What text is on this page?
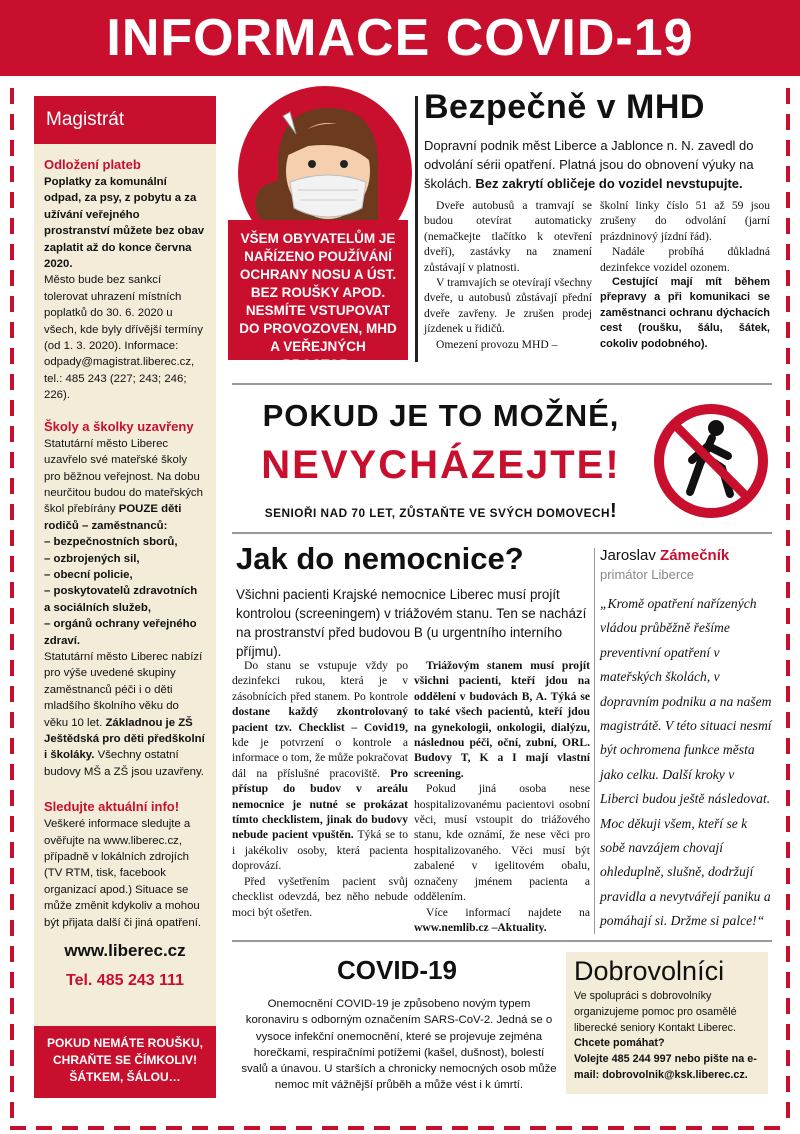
INFORMACE COVID-19
Magistrát
Odložení plateb
Poplatky za komunální odpad, za psy, z pobytu a za užívání veřejného prostranství můžete bez obav zaplatit až do konce června 2020.
Město bude bez sankcí tolerovat uhrazení místních poplatků do 30. 6. 2020 u všech, kde byly dřívější termíny (od 1. 3. 2020). Informace: odpady@magistrat.liberec.cz, tel.: 485 243 (227; 243; 246; 226).
Školy a školky uzavřeny
Statutární město Liberec uzavřelo své mateřské školy pro běžnou veřejnost. Na dobu neurčitou budou do mateřských škol přebírány POUZE děti rodičů – zaměstnanců:
– bezpečnostních sborů,
– ozbrojených sil,
– obecní policie,
– poskytovatelů zdravotních a sociálních služeb,
– orgánů ochrany veřejného zdraví.
Statutární město Liberec nabízí pro výše uvedené skupiny zaměstnanců péči i o děti mladšího školního věku do věku 10 let. Základnou je ZŠ Ještědská pro děti předškolní i školáky. Všechny ostatní budovy MŠ a ZŠ jsou uzavřeny.
Sledujte aktuální info!
Veškeré informace sledujte a ověřujte na www.liberec.cz, případně v lokálních zdrojích (TV RTM, tisk, facebook organizací apod.) Situace se může změnit kdykoliv a mohou být přijata další či jiná opatření.
www.liberec.cz
Tel. 485 243 111
POKUD NEMÁTE ROUŠKU, CHRAŇTE SE ČÍMKOLIV! ŠÁTKEM, ŠÁLOU…
VŠEM OBYVATELŮM JE NAŘÍZENO POUŽÍVÁNÍ OCHRANY NOSU A ÚST. BEZ ROUŠKY APOD. NESMÍTE VSTUPOVAT DO PROVOZOVEN, MHD A VEŘEJNÝCH PROSTOR.
Bezpečně v MHD
Dopravní podnik měst Liberce a Jablonce n. N. zavedl do odvolání sérii opatření. Platná jsou do obnovení výuky na školách. Bez zakrytí obličeje do vozidel nevstupujte.

Dveře autobusů a tramvají se budou otevírat automaticky (nemačkejte tlačítko k otevření dveří), zastávky na znamení zůstávají v platnosti.

V tramvajích se otevírají všechny dveře, u autobusů zůstávají přední dveře zavřeny. Je zrušen prodej jízdenek u řidičů.

Omezení provozu MHD –

školní linky číslo 51 až 59 jsou zrušeny do odvolání (jarní prázdninový jízdní řád).

Nadále probíhá důkladná dezinfekce vozidel ozonem.

Cestující mají mít během přepravy a při komunikaci se zaměstnanci ochranu dýchacích cest (roušku, šálu, šátek, cokoliv podobného).

POKUD JE TO MOŽNÉ,
NEVYCHÁZEJTE!
SENIOŘI NAD 70 LET, ZŮSTAŇTE VE SVÝCH DOMOVECH!
Jak do nemocnice?
Všichni pacienti Krajské nemocnice Liberec musí projít kontrolou (screeningem) v triážovém stanu. Ten se nachází na prostranství před budovou B (u urgentního interního příjmu).

Do stanu se vstupuje vždy po dezinfekci rukou, která je v zásobnících před stanem. Po kontrole dostane každý zkontrolovaný pacient tzv. Checklist – Covid19, kde je potvrzení o kontrole a informace o tom, že může pokračovat dál na příslušné pracoviště. Pro přístup do budov v areálu nemocnice je nutné se prokázat tímto checklistem, jinak do budovy nebude pacient vpuštěn. Týká se to i jakékoliv osoby, která pacienta doprovází.

Před vyšetřením pacient svůj checklist odevzdá, bez něho nebude moci být ošetřen.

Triážovým stanem musí projít všichni pacienti, kteří jdou na oddělení v budovách B, A. Týká se to také všech pacientů, kteří jdou na gynekologii, onkologii, dialýzu, následnou péči, oční, zubní, ORL. Budovy T, K a I mají vlastní screening.

Pokud jiná osoba nese hospitalizovanému pacientovi osobní věci, musí vstoupit do triážového stanu, kde oznámí, že nese věci pro hospitalizovaného. Věci musí být zabalené v igelitovém obalu, označeny jménem pacienta a oddělením.

Více informací najdete na www.nemlib.cz –Aktuality.

Jaroslav Zámečník
primátor Liberce
„Kromě opatření nařízených vládou průběžně řešíme preventivní opatření v mateřských školách, v dopravním podniku a na našem magistrátě. V této situaci nesmí být ochromena funkce města jako celku. Další kroky v Liberci budou ještě následovat. Moc děkuji všem, kteří se k sobě navzájem chovají ohleduplně, slušně, dodržují pravidla a nevytvářejí paniku a pomáhají si. Držme si palce!“
COVID-19
Onemocnění COVID-19 je způsobeno novým typem koronaviru s odborným označením SARS-CoV-2. Jedná se o vysoce infekční onemocnění, které se projevuje zejména horečkami, respiračními potížemi (kašel, dušnost), bolestí svalů a únavou. U starších a chronicky nemocných osob může nemoc mít vážnější průběh a může vést i k úmrtí.
Dobrovolníci
Ve spolupráci s dobrovolníky organizujeme pomoc pro osamělé liberecké seniory Kontakt Liberec.
Chcete pomáhat?
Volejte 485 244 997 nebo pište na e-mail: dobrovolnik@ksk.liberec.cz.
